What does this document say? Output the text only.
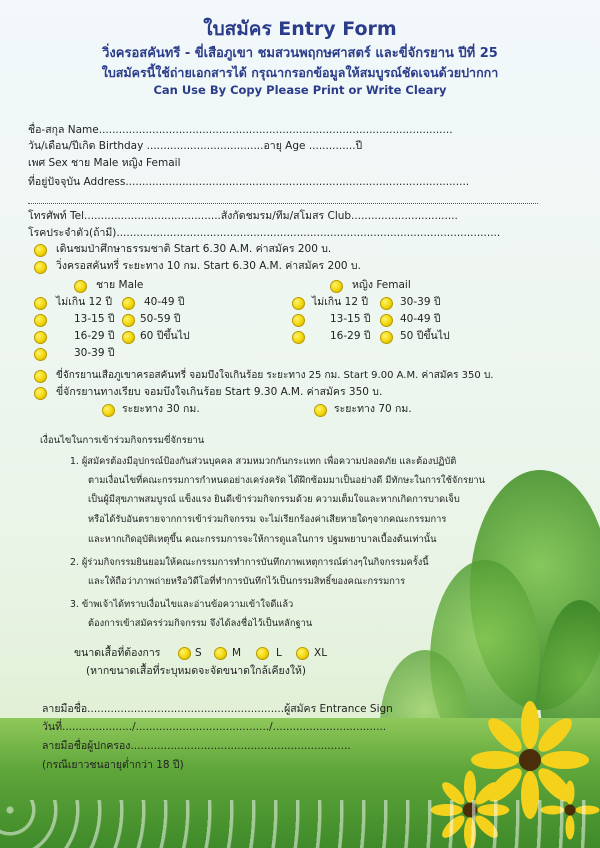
ใบสมัคร Entry Form
วิ่งครอสคันทรี - ขี่เสือภูเขา ชมสวนพฤกษศาสตร์ และขี่จักรยาน ปีที่ 25
ใบสมัครนี้ใช้ถ่ายเอกสารได้ กรุณากรอกข้อมูลให้สมบูรณ์ชัดเจนด้วยปากกา
Can Use By Copy Please Print or Write Cleary
ชื่อ-สกุล Name..........................................................................................................
วัน/เดือน/ปีเกิด Birthday ...................................อายุ Age ..............ปี
เพศ Sex ชาย Male หญิง Femail
ที่อยู่ปัจจุบัน Address.......................................................................................................
โทรศัพท์ Tel.........................................สังกัดชมรม/ทีม/สโมสร Club................................
โรคประจำตัว(ถ้ามี)...................................................................................................................
เดินชมป่าศึกษาธรรมชาติ Start 6.30 A.M. ค่าสมัคร 200 บ.
วิ่งครอสคันทรี่ ระยะทาง 10 กม. Start 6.30 A.M. ค่าสมัคร 200 บ.
ชาย Male	หญิง Femail
ไม่เกิน 12 ปี	40-49 ปี
13-15 ปี 50-59 ปี
16-29 ปี 60 ปีขึ้นไป
30-39 ปี
ไม่เกิน 12 ปี	30-39 ปี
13-15 ปี	40-49 ปี
16-29 ปี	50 ปีขึ้นไป
ขี่จักรยานเสือภูเขาครอสคันทรี่ จอมบึงใจเกินร้อย ระยะทาง 25 กม. Start 9.00 A.M. ค่าสมัคร 350 บ.
ขี่จักรยานทางเรียบ จอมบึงใจเกินร้อย Start 9.30 A.M. ค่าสมัคร 350 บ.
ระยะทาง 30 กม.	ระยะทาง 70 กม.
เงื่อนไขในการเข้าร่วมกิจกรรมขี่จักรยาน
1. ผู้สมัครต้องมีอุปกรณ์ป้องกันส่วนบุคคล สวมหมวกกันกระแทก เพื่อความปลอดภัย และต้องปฏิบัติ
ตามเงื่อนไขที่คณะกรรมการกำหนดอย่างเคร่งครัด ได้ฝึกซ้อมมาเป็นอย่างดี มีทักษะในการใช้จักรยาน
เป็นผู้มีสุขภาพสมบูรณ์ แข็งแรง ยินดีเข้าร่วมกิจกรรมด้วย ความเต็มใจและหากเกิดการบาดเจ็บ
หรือได้รับอันตรายจากการเข้าร่วมกิจกรรม จะไม่เรียกร้องค่าเสียหายใดๆจากคณะกรรมการ
และหากเกิดอุบัติเหตุขึ้น คณะกรรมการจะให้การดูแลในการ ปฐมพยาบาลเบื้องต้นเท่านั้น
2. ผู้ร่วมกิจกรรมยินยอมให้คณะกรรมการทำการบันทึกภาพเหตุการณ์ต่างๆในกิจกรรมครั้งนี้
และให้ถือว่าภาพถ่ายหรือวิดีโอที่ทำการบันทึกไว้เป็นกรรมสิทธิ์ของคณะกรรมการ
3. ข้าพเจ้าได้ทราบเงื่อนไขและอ่านข้อความเข้าใจดีแล้ว
ต้องการเข้าสมัครร่วมกิจกรรม จึงได้ลงชื่อไว้เป็นหลักฐาน
ขนาดเสื้อที่ต้องการ	S	M	L	XL
(หากขนาดเสื้อที่ระบุหมดจะจัดขนาดใกล้เคียงให้)
ลายมือชื่อ...........................................................ผู้สมัคร Entrance Sign
วันที่...................../......................................../..................................
ลายมือชื่อผู้ปกครอง..................................................................
(กรณีเยาวชนอายุต่ำกว่า 18 ปี)
